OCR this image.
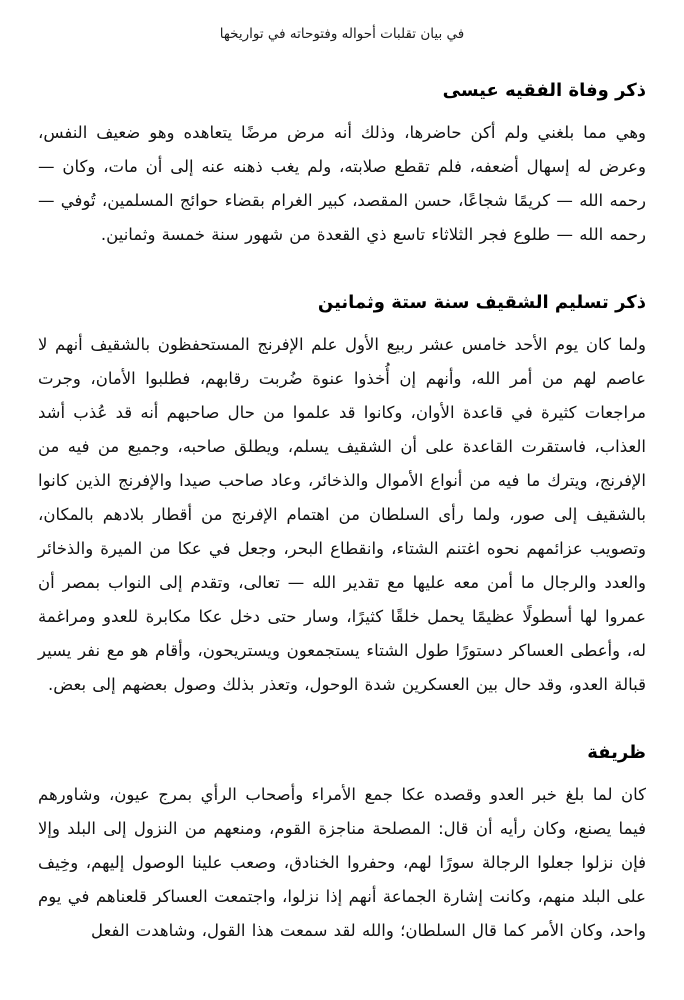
في بيان تقلبات أحواله وفتوحاته في تواريخها
ذكر وفاة الفقيه عيسى

وهي مما بلغني ولم أكن حاضرها، وذلك أنه مرض مرضًا يتعاهده وهو ضعيف النفس، وعرض له إسهال أضعفه، فلم تقطع صلابته، ولم يغب ذهنه عنه إلى أن مات، وكان — رحمه الله — كريمًا شجاعًا، حسن المقصد، كبير الغرام بقضاء حوائج المسلمين، تُوفي — رحمه الله — طلوع فجر الثلاثاء تاسع ذي القعدة من شهور سنة خمسة وثمانين.

ذكر تسليم الشقيف سنة ستة وثمانين

ولما كان يوم الأحد خامس عشر ربيع الأول علم الإفرنج المستحفظون بالشقيف أنهم لا عاصم لهم من أمر الله، وأنهم إن أُخذوا عنوة ضُربت رقابهم، فطلبوا الأمان، وجرت مراجعات كثيرة في قاعدة الأوان، وكانوا قد علموا من حال صاحبهم أنه قد عُذب أشد العذاب، فاستقرت القاعدة على أن الشقيف يسلم، ويطلق صاحبه، وجميع من فيه من الإفرنج، ويترك ما فيه من أنواع الأموال والذخائر، وعاد صاحب صيدا والإفرنج الذين كانوا بالشقيف إلى صور، ولما رأى السلطان من اهتمام الإفرنج من أقطار بلادهم بالمكان، وتصويب عزائمهم نحوه اغتنم الشتاء، وانقطاع البحر، وجعل في عكا من الميرة والذخائر والعدد والرجال ما أمن معه عليها مع تقدير الله — تعالى، وتقدم إلى النواب بمصر أن عمروا لها أسطولًا عظيمًا يحمل خلقًا كثيرًا، وسار حتى دخل عكا مكابرة للعدو ومراغمة له، وأعطى العساكر دستورًا طول الشتاء يستجمعون ويستريحون، وأقام هو مع نفر يسير قبالة العدو، وقد حال بين العسكرين شدة الوحول، وتعذر بذلك وصول بعضهم إلى بعض.

ظريفة

كان لما بلغ خبر العدو وقصده عكا جمع الأمراء وأصحاب الرأي بمرج عيون، وشاورهم فيما يصنع، وكان رأيه أن قال: المصلحة مناجزة القوم، ومنعهم من النزول إلى البلد وإلا فإن نزلوا جعلوا الرجالة سورًا لهم، وحفروا الخنادق، وصعب علينا الوصول إليهم، وخِيف على البلد منهم، وكانت إشارة الجماعة أنهم إذا نزلوا، واجتمعت العساكر قلعناهم في يوم واحد، وكان الأمر كما قال السلطان؛ والله لقد سمعت هذا القول، وشاهدت الفعل
